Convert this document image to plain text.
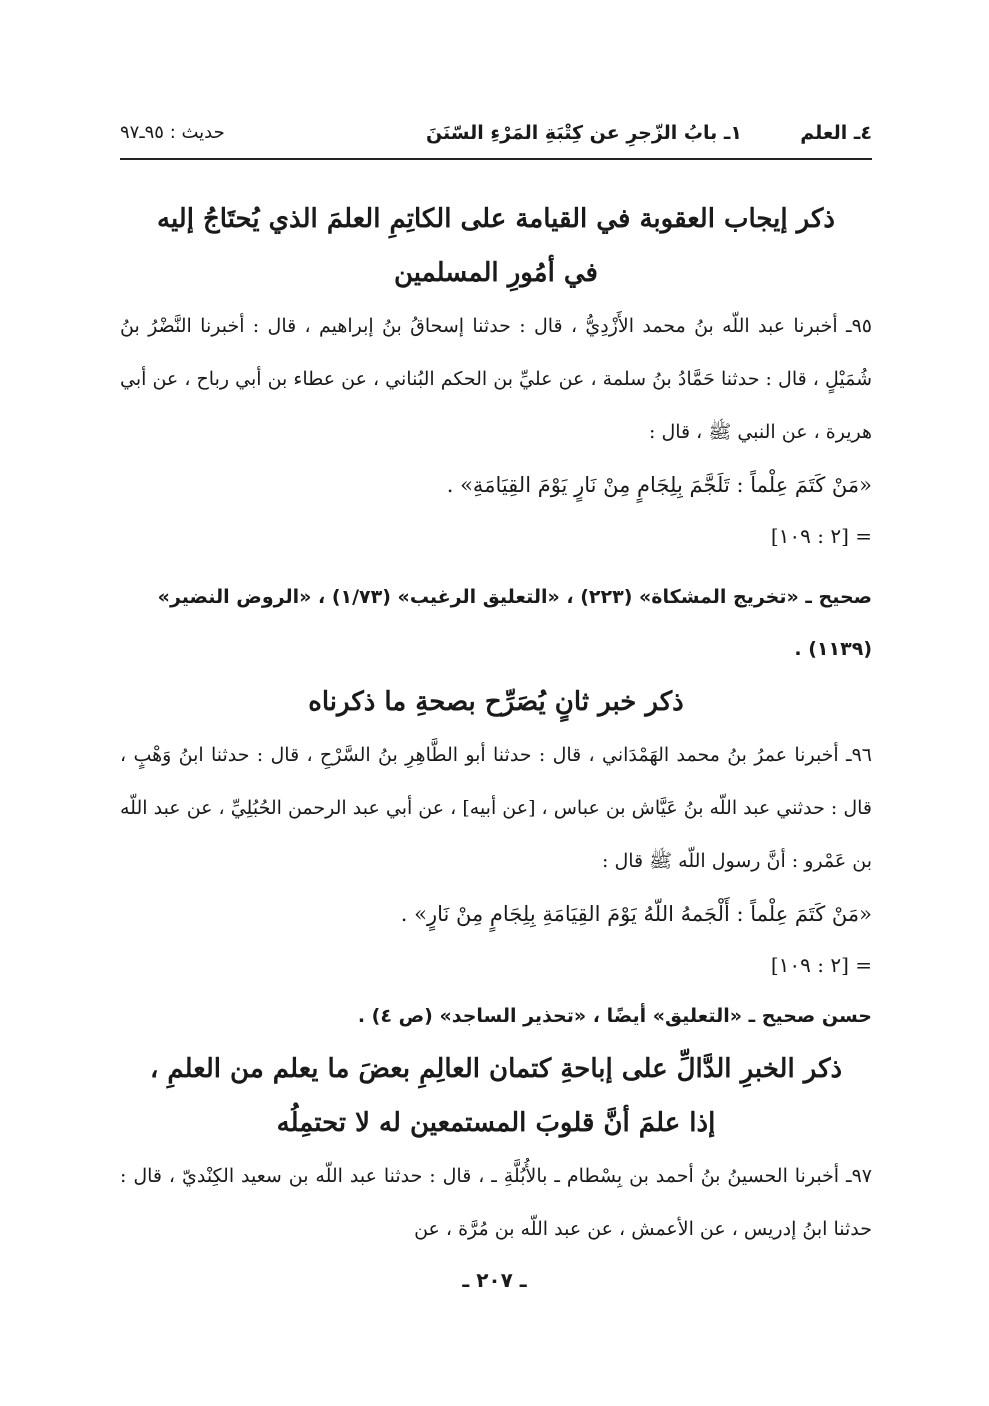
٤ـ العلم
١ـ بابُ الزّجرِ عن كِتْبَةِ المَرْءِ السّنَنَ
حديث : ٩٥ـ٩٧
ذكر إيجاب العقوبة في القيامة على الكاتِمِ العلمَ الذي يُحتَاجُ إليه في أمُورِ المسلمين

٩٥ـ أخبرنا عبد اللّه بنُ محمد الأَزْدِيُّ ، قال : حدثنا إسحاقُ بنُ إبراهيم ، قال : أخبرنا النَّضْرُ بنُ شُمَيْلٍ ، قال : حدثنا حَمَّادُ بنُ سلمة ، عن عليِّ بن الحكم البُناني ، عن عطاء بن أبي رباح ، عن أبي هريرة ، عن النبي ﷺ ، قال :

«مَنْ كَتَمَ عِلْماً : تَلَجَّمَ بِلِجَامٍ مِنْ نَارٍ يَوْمَ القِيَامَةِ» .

= [٢ : ١٠٩]

صحيح ـ «تخريج المشكاة» (٢٢٣) ، «التعليق الرغيب» (١/٧٣) ، «الروض النضير» (١١٣٩) .

ذكر خبر ثانٍ يُصَرِّح بصحةِ ما ذكرناه

٩٦ـ أخبرنا عمرُ بنُ محمد الهَمْدَاني ، قال : حدثنا أبو الطَّاهِرِ بنُ السَّرْحِ ، قال : حدثنا ابنُ وَهْبٍ ، قال : حدثني عبد اللّه بنُ عَيَّاش بن عباس ، [عن أبيه] ، عن أبي عبد الرحمن الحُبُلِيِّ ، عن عبد اللّه بن عَمْرو : أنَّ رسول اللّه ﷺ قال :

«مَنْ كَتَمَ عِلْماً : أَلْجَمهُ اللّهُ يَوْمَ القِيَامَةِ بِلِجَامٍ مِنْ نَارٍ» .

= [٢ : ١٠٩]

حسن صحيح ـ «التعليق» أيضًا ، «تحذير الساجد» (ص ٤) .

ذكر الخبرِ الدَّالِّ على إباحةِ كتمان العالِمِ بعضَ ما يعلم من العلمِ ، إذا علمَ أنَّ قلوبَ المستمعين له لا تحتمِلُه

٩٧ـ أخبرنا الحسينُ بنُ أحمد بن بِسْطام ـ بالأُبُلَّةِ ـ ، قال : حدثنا عبد اللّه بن سعيد الكِنْديّ ، قال : حدثنا ابنُ إدريس ، عن الأعمش ، عن عبد اللّه بن مُرَّة ، عن

ـ ٢٠٧ ـ
